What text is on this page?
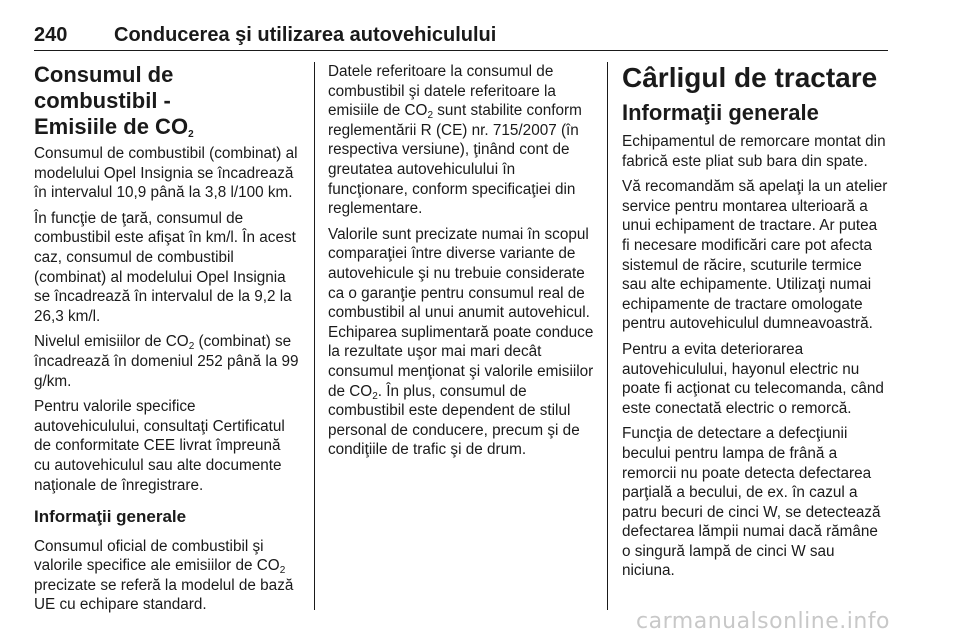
240 Conducerea şi utilizarea autovehiculului
Consumul de combustibil -
Emisiile de $CO_2$

Consumul de combustibil (combinat) al modelului Opel Insignia se încadrează în intervalul 10,9 până la 3,8 l/100 km.

În funcţie de ţară, consumul de combustibil este afişat în km/l. În acest caz, consumul de combustibil (combinat) al modelului Opel Insignia se încadrează în intervalul de la 9,2 la 26,3 km/l.

Nivelul emisiilor de $CO_2$ (combinat) se încadrează în domeniul 252 până la 99 g/km.

Pentru valorile specifice autovehiculului, consultaţi Certificatul de conformitate CEE livrat împreună cu autovehiculul sau alte documente naţionale de înregistrare.

Informaţii generale

Consumul oficial de combustibil şi valorile specifice ale emisiilor de $CO_2$ precizate se referă la modelul de bază UE cu echipare standard.

Datele referitoare la consumul de combustibil şi datele referitoare la emisiile de $CO_2$ sunt stabilite conform reglementării R (CE) nr. 715/2007 (în respectiva versiune), ţinând cont de greutatea autovehiculului în funcţionare, conform specificaţiei din reglementare.

Valorile sunt precizate numai în scopul comparaţiei între diverse variante de autovehicule şi nu trebuie considerate ca o garanţie pentru consumul real de combustibil al unui anumit autovehicul. Echiparea suplimentară poate conduce la rezultate uşor mai mari decât consumul menţionat şi valorile emisiilor de $CO_2$. În plus, consumul de combustibil este dependent de stilul personal de conducere, precum şi de condiţiile de trafic şi de drum.

Cârligul de tractare
Informaţii generale

Echipamentul de remorcare montat din fabrică este pliat sub bara din spate.

Vă recomandăm să apelaţi la un atelier service pentru montarea ulterioară a unui echipament de tractare. Ar putea fi necesare modificări care pot afecta sistemul de răcire, scuturile termice sau alte echipamente. Utilizaţi numai echipamente de tractare omologate pentru autovehiculul dumneavoastră.

Pentru a evita deteriorarea autovehiculului, hayonul electric nu poate fi acţionat cu telecomanda, când este conectată electric o remorcă.

Funcţia de detectare a defecţiunii becului pentru lampa de frână a remorcii nu poate detecta defectarea parţială a becului, de ex. în cazul a patru becuri de cinci W, se detectează defectarea lămpii numai dacă rămâne o singură lampă de cinci W sau niciuna.

carmanualsonline.info
